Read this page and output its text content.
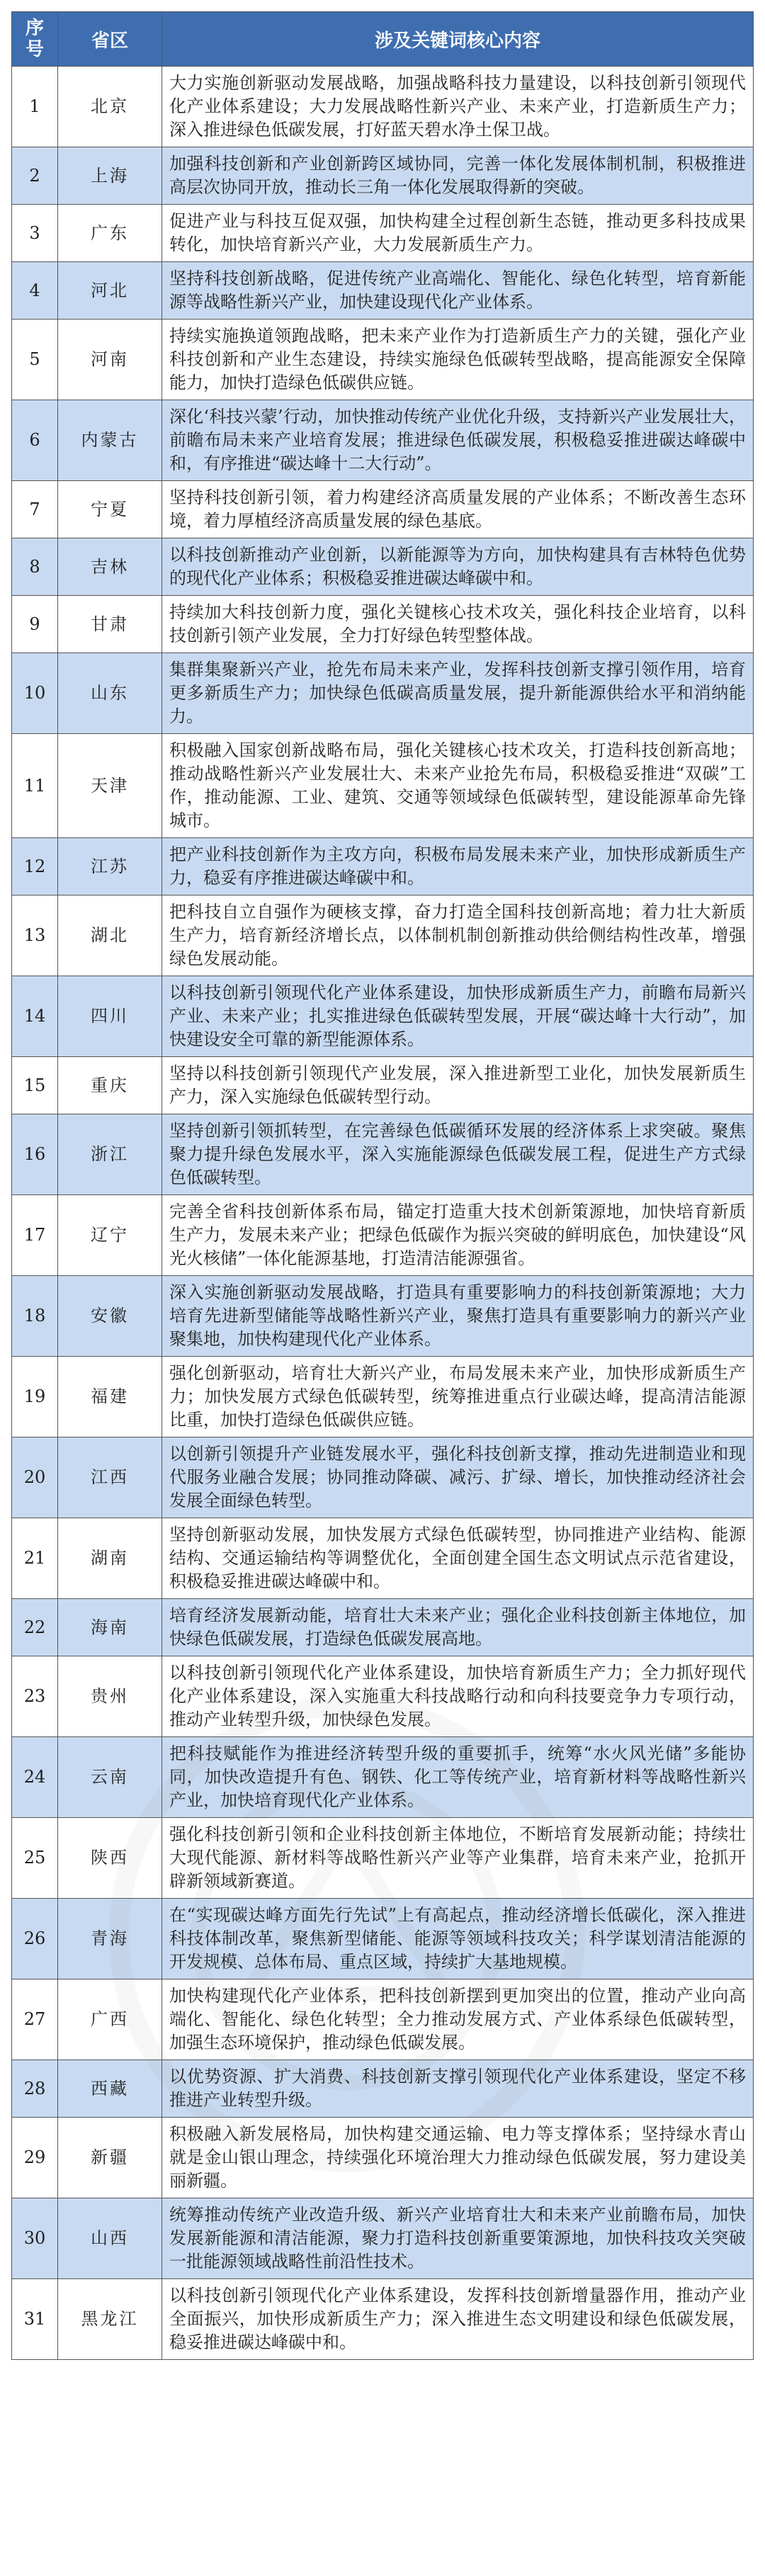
序
号	省区	涉及关键词核心内容
1	北京	大力实施创新驱动发展战略，加强战略科技力量建设，以科技创新引领现代化产业体系建设；大力发展战略性新兴产业、未来产业，打造新质生产力；深入推进绿色低碳发展，打好蓝天碧水净土保卫战。
2	上海	加强科技创新和产业创新跨区域协同，完善一体化发展体制机制，积极推进高层次协同开放，推动长三角一体化发展取得新的突破。
3	广东	促进产业与科技互促双强，加快构建全过程创新生态链，推动更多科技成果转化，加快培育新兴产业，大力发展新质生产力。
4	河北	坚持科技创新战略，促进传统产业高端化、智能化、绿色化转型，培育新能源等战略性新兴产业，加快建设现代化产业体系。
5	河南	持续实施换道领跑战略，把未来产业作为打造新质生产力的关键，强化产业科技创新和产业生态建设，持续实施绿色低碳转型战略，提高能源安全保障能力，加快打造绿色低碳供应链。
6	内蒙古	深化‘科技兴蒙’行动，加快推动传统产业优化升级，支持新兴产业发展壮大，前瞻布局未来产业培育发展；推进绿色低碳发展，积极稳妥推进碳达峰碳中和，有序推进“碳达峰十二大行动”。
7	宁夏	坚持科技创新引领，着力构建经济高质量发展的产业体系；不断改善生态环境，着力厚植经济高质量发展的绿色基底。
8	吉林	以科技创新推动产业创新，以新能源等为方向，加快构建具有吉林特色优势的现代化产业体系；积极稳妥推进碳达峰碳中和。
9	甘肃	持续加大科技创新力度，强化关键核心技术攻关，强化科技企业培育，以科技创新引领产业发展，全力打好绿色转型整体战。
10	山东	集群集聚新兴产业，抢先布局未来产业，发挥科技创新支撑引领作用，培育更多新质生产力；加快绿色低碳高质量发展，提升新能源供给水平和消纳能力。
11	天津	积极融入国家创新战略布局，强化关键核心技术攻关，打造科技创新高地；推动战略性新兴产业发展壮大、未来产业抢先布局，积极稳妥推进“双碳”工作，推动能源、工业、建筑、交通等领域绿色低碳转型，建设能源革命先锋城市。
12	江苏	把产业科技创新作为主攻方向，积极布局发展未来产业，加快形成新质生产力，稳妥有序推进碳达峰碳中和。
13	湖北	把科技自立自强作为硬核支撑，奋力打造全国科技创新高地；着力壮大新质生产力，培育新经济增长点，以体制机制创新推动供给侧结构性改革，增强绿色发展动能。
14	四川	以科技创新引领现代化产业体系建设，加快形成新质生产力，前瞻布局新兴产业、未来产业；扎实推进绿色低碳转型发展，开展“碳达峰十大行动”，加快建设安全可靠的新型能源体系。
15	重庆	坚持以科技创新引领现代产业发展，深入推进新型工业化，加快发展新质生产力，深入实施绿色低碳转型行动。
16	浙江	坚持创新引领抓转型，在完善绿色低碳循环发展的经济体系上求突破。聚焦聚力提升绿色发展水平，深入实施能源绿色低碳发展工程，促进生产方式绿色低碳转型。
17	辽宁	完善全省科技创新体系布局，锚定打造重大技术创新策源地，加快培育新质生产力，发展未来产业；把绿色低碳作为振兴突破的鲜明底色，加快建设“风光火核储”一体化能源基地，打造清洁能源强省。
18	安徽	深入实施创新驱动发展战略，打造具有重要影响力的科技创新策源地；大力培育先进新型储能等战略性新兴产业，聚焦打造具有重要影响力的新兴产业聚集地，加快构建现代化产业体系。
19	福建	强化创新驱动，培育壮大新兴产业，布局发展未来产业，加快形成新质生产力；加快发展方式绿色低碳转型，统筹推进重点行业碳达峰，提高清洁能源比重，加快打造绿色低碳供应链。
20	江西	以创新引领提升产业链发展水平，强化科技创新支撑，推动先进制造业和现代服务业融合发展；协同推动降碳、减污、扩绿、增长，加快推动经济社会发展全面绿色转型。
21	湖南	坚持创新驱动发展，加快发展方式绿色低碳转型，协同推进产业结构、能源结构、交通运输结构等调整优化，全面创建全国生态文明试点示范省建设，积极稳妥推进碳达峰碳中和。
22	海南	培育经济发展新动能，培育壮大未来产业；强化企业科技创新主体地位，加快绿色低碳发展，打造绿色低碳发展高地。
23	贵州	以科技创新引领现代化产业体系建设，加快培育新质生产力；全力抓好现代化产业体系建设，深入实施重大科技战略行动和向科技要竞争力专项行动，推动产业转型升级，加快绿色发展。
24	云南	把科技赋能作为推进经济转型升级的重要抓手，统筹“水火风光储”多能协同，加快改造提升有色、钢铁、化工等传统产业，培育新材料等战略性新兴产业，加快培育现代化产业体系。
25	陕西	强化科技创新引领和企业科技创新主体地位，不断培育发展新动能；持续壮大现代能源、新材料等战略性新兴产业等产业集群，培育未来产业，抢抓开辟新领域新赛道。
26	青海	在“实现碳达峰方面先行先试”上有高起点，推动经济增长低碳化，深入推进科技体制改革，聚焦新型储能、能源等领域科技攻关；科学谋划清洁能源的开发规模、总体布局、重点区域，持续扩大基地规模。
27	广西	加快构建现代化产业体系，把科技创新摆到更加突出的位置，推动产业向高端化、智能化、绿色化转型；全力推动发展方式、产业体系绿色低碳转型，加强生态环境保护，推动绿色低碳发展。
28	西藏	以优势资源、扩大消费、科技创新支撑引领现代化产业体系建设，坚定不移推进产业转型升级。
29	新疆	积极融入新发展格局，加快构建交通运输、电力等支撑体系；坚持绿水青山就是金山银山理念，持续强化环境治理大力推动绿色低碳发展，努力建设美丽新疆。
30	山西	统筹推动传统产业改造升级、新兴产业培育壮大和未来产业前瞻布局，加快发展新能源和清洁能源，聚力打造科技创新重要策源地，加快科技攻关突破一批能源领域战略性前沿性技术。
31	黑龙江	以科技创新引领现代化产业体系建设，发挥科技创新增量器作用，推动产业全面振兴，加快形成新质生产力；深入推进生态文明建设和绿色低碳发展，稳妥推进碳达峰碳中和。
